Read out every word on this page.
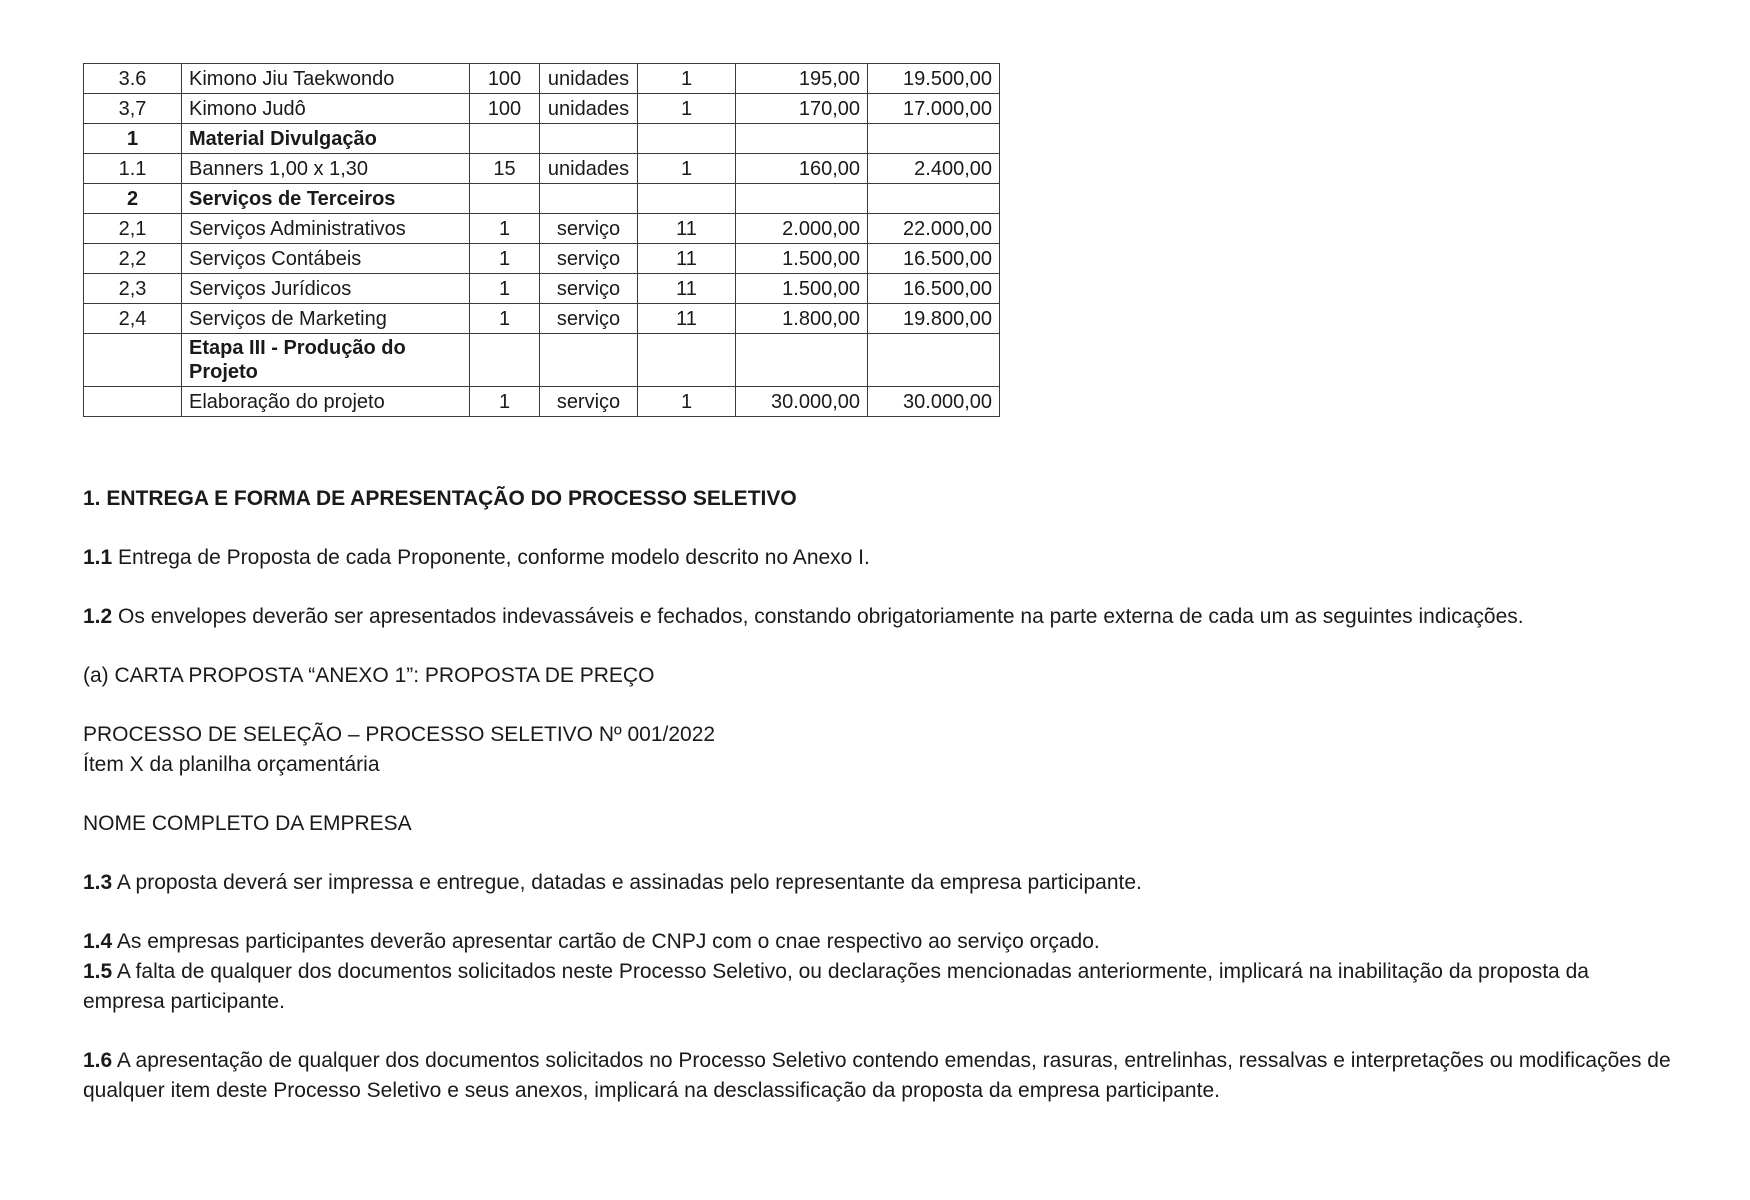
3.6	Kimono Jiu Taekwondo	100	unidades	1	195,00	19.500,00
3,7	Kimono Judô	100	unidades	1	170,00	17.000,00
1	Material Divulgação					
1.1	Banners 1,00 x 1,30	15	unidades	1	160,00	2.400,00
2	Serviços de Terceiros					
2,1	Serviços Administrativos	1	serviço	11	2.000,00	22.000,00
2,2	Serviços Contábeis	1	serviço	11	1.500,00	16.500,00
2,3	Serviços Jurídicos	1	serviço	11	1.500,00	16.500,00
2,4	Serviços de Marketing	1	serviço	11	1.800,00	19.800,00
	Etapa III - Produção do Projeto					
	Elaboração do projeto	1	serviço	1	30.000,00	30.000,00

1. ENTREGA E FORMA DE APRESENTAÇÃO DO PROCESSO SELETIVO

1.1 Entrega de Proposta de cada Proponente, conforme modelo descrito no Anexo I.

1.2 Os envelopes deverão ser apresentados indevassáveis e fechados, constando obrigatoriamente na parte externa de cada um as seguintes indicações.

(a) CARTA PROPOSTA “ANEXO 1”: PROPOSTA DE PREÇO

PROCESSO DE SELEÇÃO – PROCESSO SELETIVO Nº 001/2022

Ítem X da planilha orçamentária

NOME COMPLETO DA EMPRESA

1.3 A proposta deverá ser impressa e entregue, datadas e assinadas pelo representante da empresa participante.

1.4 As empresas participantes deverão apresentar cartão de CNPJ com o cnae respectivo ao serviço orçado.

1.5 A falta de qualquer dos documentos solicitados neste Processo Seletivo, ou declarações mencionadas anteriormente, implicará na inabilitação da proposta da empresa participante.

1.6 A apresentação de qualquer dos documentos solicitados no Processo Seletivo contendo emendas, rasuras, entrelinhas, ressalvas e interpretações ou modificações de qualquer item deste Processo Seletivo e seus anexos, implicará na desclassificação da proposta da empresa participante.
